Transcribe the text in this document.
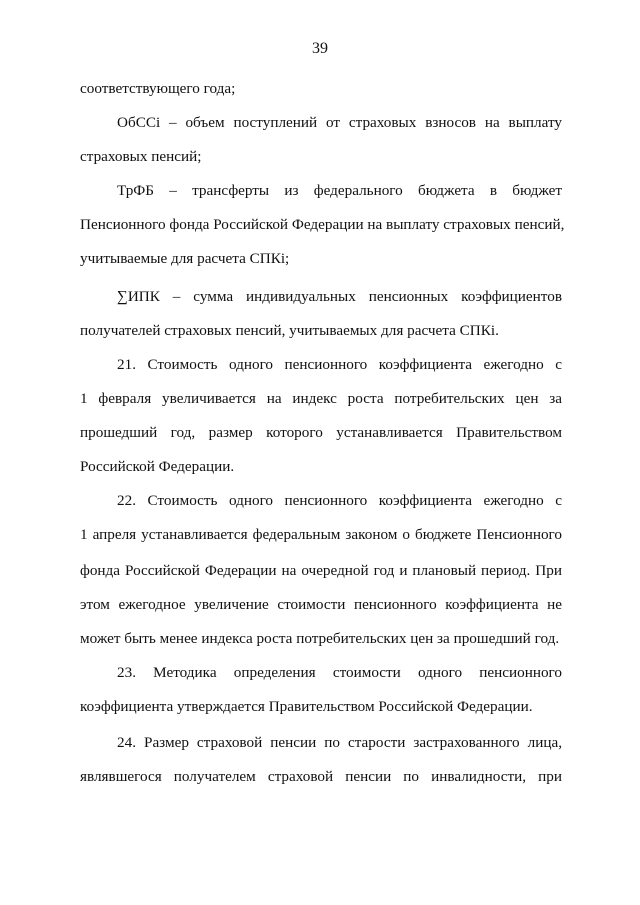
39
соответствующего года;
ОбССi – объем поступлений от страховых взносов на выплату
страховых пенсий;
ТрФБ – трансферты из федерального бюджета в бюджет
Пенсионного фонда Российской Федерации на выплату страховых пенсий,
учитываемые для расчета СПКi;
∑ИПК – сумма индивидуальных пенсионных коэффициентов
получателей страховых пенсий, учитываемых для расчета СПКi.
21. Стоимость одного пенсионного коэффициента ежегодно с
1 февраля увеличивается на индекс роста потребительских цен за
прошедший год, размер которого устанавливается Правительством
Российской Федерации.
22. Стоимость одного пенсионного коэффициента ежегодно с
1 апреля устанавливается федеральным законом о бюджете Пенсионного
фонда Российской Федерации на очередной год и плановый период. При
этом ежегодное увеличение стоимости пенсионного коэффициента не
может быть менее индекса роста потребительских цен за прошедший год.
23. Методика определения стоимости одного пенсионного
коэффициента утверждается Правительством Российской Федерации.
24. Размер страховой пенсии по старости застрахованного лица,
являвшегося получателем страховой пенсии по инвалидности, при
